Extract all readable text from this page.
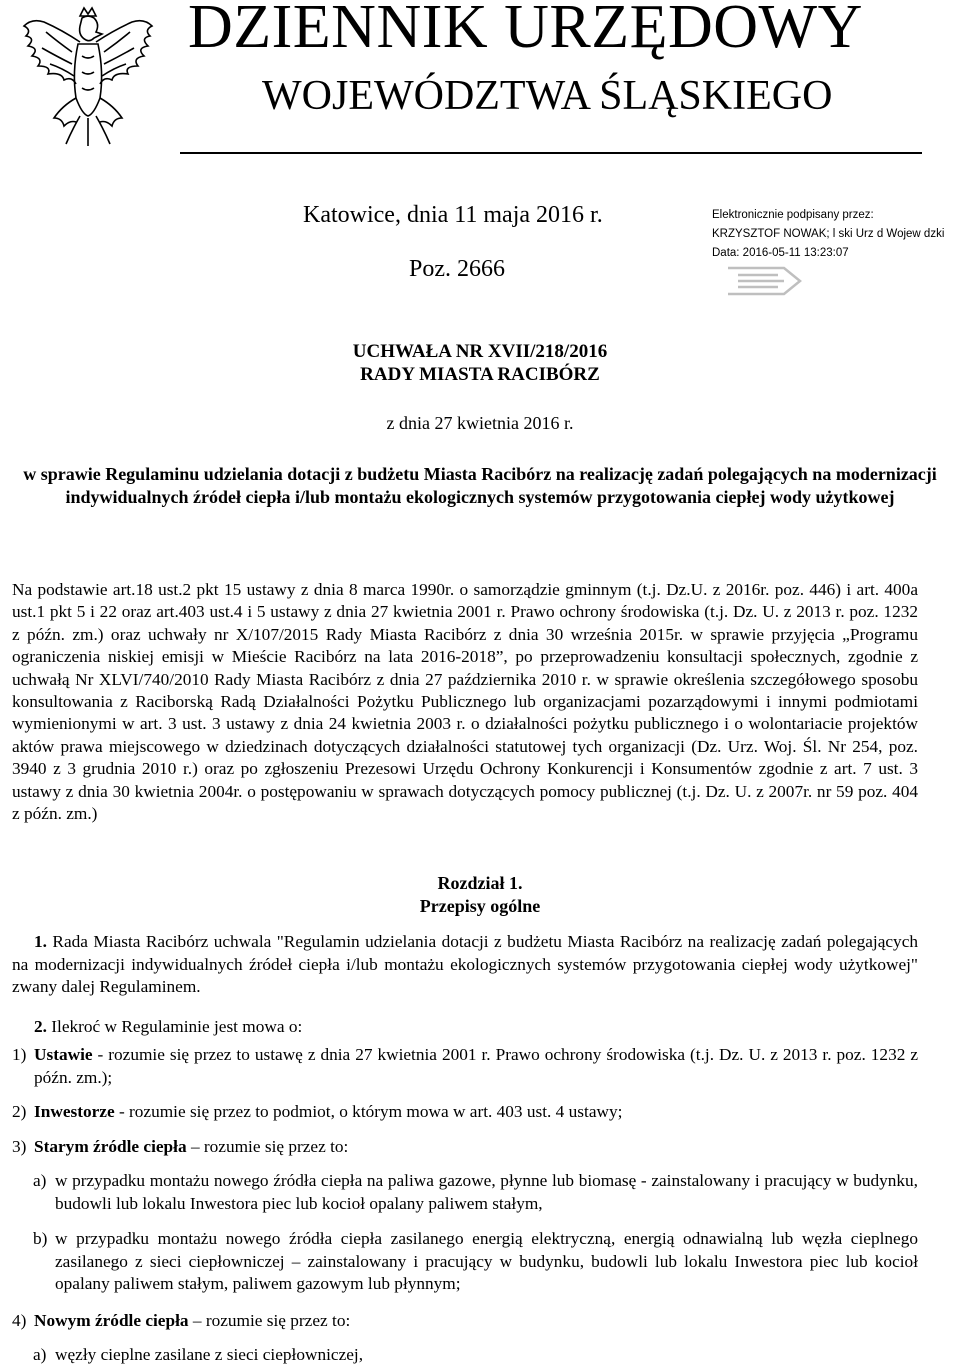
DZIENNIK URZĘDOWY
WOJEWÓDZTWA ŚLĄSKIEGO
Katowice, dnia 11 maja 2016 r.
Poz. 2666
Elektronicznie podpisany przez:
KRZYSZTOF NOWAK; l ski Urz d Wojew dzki
Data: 2016-05-11 13:23:07
UCHWAŁA NR XVII/218/2016
RADY MIASTA RACIBÓRZ
z dnia 27 kwietnia 2016 r.
w sprawie Regulaminu udzielania dotacji z budżetu Miasta Racibórz na realizację zadań polegających na modernizacji indywidualnych źródeł ciepła i/lub montażu ekologicznych systemów przygotowania ciepłej wody użytkowej

Na podstawie art.18 ust.2 pkt 15 ustawy z dnia 8 marca 1990r. o samorządzie gminnym (t.j. Dz.U. z 2016r. poz. 446) i art. 400a ust.1 pkt 5 i 22 oraz art.403 ust.4 i 5 ustawy z dnia 27 kwietnia 2001 r. Prawo ochrony środowiska (t.j. Dz. U. z 2013 r. poz. 1232 z późn. zm.) oraz uchwały nr X/107/2015 Rady Miasta Racibórz z dnia 30 września 2015r. w sprawie przyjęcia „Programu ograniczenia niskiej emisji w Mieście Racibórz na lata 2016-2018”, po przeprowadzeniu konsultacji społecznych, zgodnie z uchwałą Nr XLVI/740/2010 Rady Miasta Racibórz z dnia 27 października 2010 r. w sprawie określenia szczegółowego sposobu konsultowania z Raciborską Radą Działalności Pożytku Publicznego lub organizacjami pozarządowymi i innymi podmiotami wymienionymi w art. 3 ust. 3 ustawy z dnia 24 kwietnia 2003 r. o działalności pożytku publicznego i o wolontariacie projektów aktów prawa miejscowego w dziedzinach dotyczących działalności statutowej tych organizacji (Dz. Urz. Woj. Śl. Nr 254, poz. 3940 z 3 grudnia 2010 r.) oraz po zgłoszeniu Prezesowi Urzędu Ochrony Konkurencji i Konsumentów zgodnie z art. 7 ust. 3 ustawy z dnia 30 kwietnia 2004r. o postępowaniu w sprawach dotyczących pomocy publicznej (t.j. Dz. U. z 2007r. nr 59 poz. 404 z późn. zm.)

Rozdział 1.
Przepisy ogólne
1. Rada Miasta Racibórz uchwala "Regulamin udzielania dotacji z budżetu Miasta Racibórz na realizację zadań polegających na modernizacji indywidualnych źródeł ciepła i/lub montażu ekologicznych systemów przygotowania ciepłej wody użytkowej" zwany dalej Regulaminem.
2. Ilekroć w Regulaminie jest mowa o:
1) Ustawie - rozumie się przez to ustawę z dnia 27 kwietnia 2001 r. Prawo ochrony środowiska (t.j. Dz. U. z 2013 r. poz. 1232 z późn. zm.);
2) Inwestorze - rozumie się przez to podmiot, o którym mowa w art. 403 ust. 4 ustawy;
3) Starym źródle ciepła – rozumie się przez to:
a) w przypadku montażu nowego źródła ciepła na paliwa gazowe, płynne lub biomasę - zainstalowany i pracujący w budynku, budowli lub lokalu Inwestora piec lub kocioł opalany paliwem stałym,
b) w przypadku montażu nowego źródła ciepła zasilanego energią elektryczną, energią odnawialną lub węzła cieplnego zasilanego z sieci ciepłowniczej – zainstalowany i pracujący w budynku, budowli lub lokalu Inwestora piec lub kocioł opalany paliwem stałym, paliwem gazowym lub płynnym;
4) Nowym źródle ciepła – rozumie się przez to:
a) węzły cieplne zasilane z sieci ciepłowniczej,
